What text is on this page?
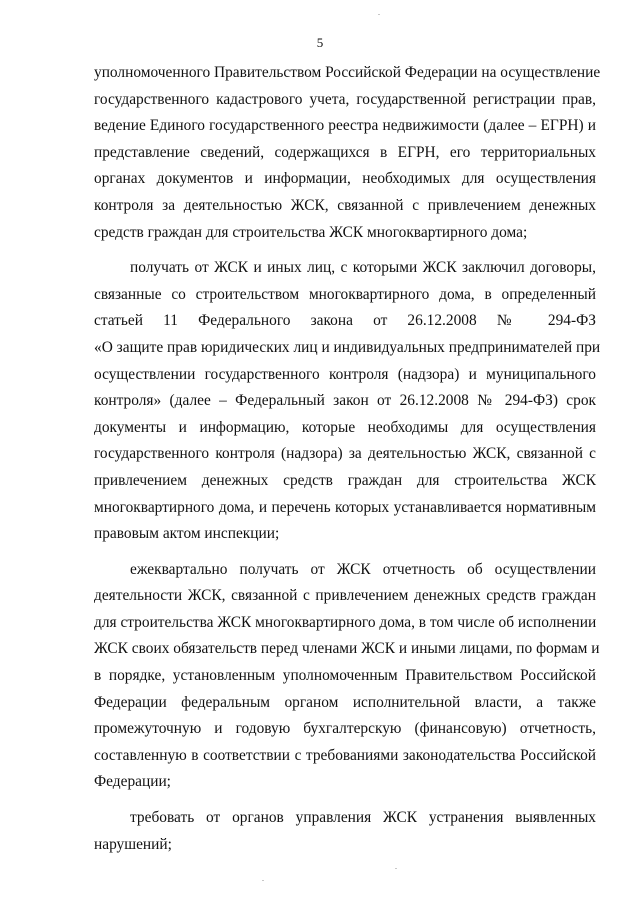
5

уполномоченного Правительством Российской Федерации на осуществление
государственного кадастрового учета, государственной регистрации прав,
ведение Единого государственного реестра недвижимости (далее – ЕГРН) и
представление сведений, содержащихся в ЕГРН, его территориальных
органах документов и информации, необходимых для осуществления
контроля за деятельностью ЖСК, связанной с привлечением денежных
средств граждан для строительства ЖСК многоквартирного дома;

получать от ЖСК и иных лиц, с которыми ЖСК заключил договоры,
связанные со строительством многоквартирного дома, в определенный
статьей 11 Федерального закона от 26.12.2008 № 294-ФЗ
«О защите прав юридических лиц и индивидуальных предпринимателей при
осуществлении государственного контроля (надзора) и муниципального
контроля» (далее – Федеральный закон от 26.12.2008 № 294-ФЗ) срок
документы и информацию, которые необходимы для осуществления
государственного контроля (надзора) за деятельностью ЖСК, связанной с
привлечением денежных средств граждан для строительства ЖСК
многоквартирного дома, и перечень которых устанавливается нормативным
правовым актом инспекции;

ежеквартально получать от ЖСК отчетность об осуществлении
деятельности ЖСК, связанной с привлечением денежных средств граждан
для строительства ЖСК многоквартирного дома, в том числе об исполнении
ЖСК своих обязательств перед членами ЖСК и иными лицами, по формам и
в порядке, установленным уполномоченным Правительством Российской
Федерации федеральным органом исполнительной власти, а также
промежуточную и годовую бухгалтерскую (финансовую) отчетность,
составленную в соответствии с требованиями законодательства Российской
Федерации;

требовать от органов управления ЖСК устранения выявленных
нарушений;
